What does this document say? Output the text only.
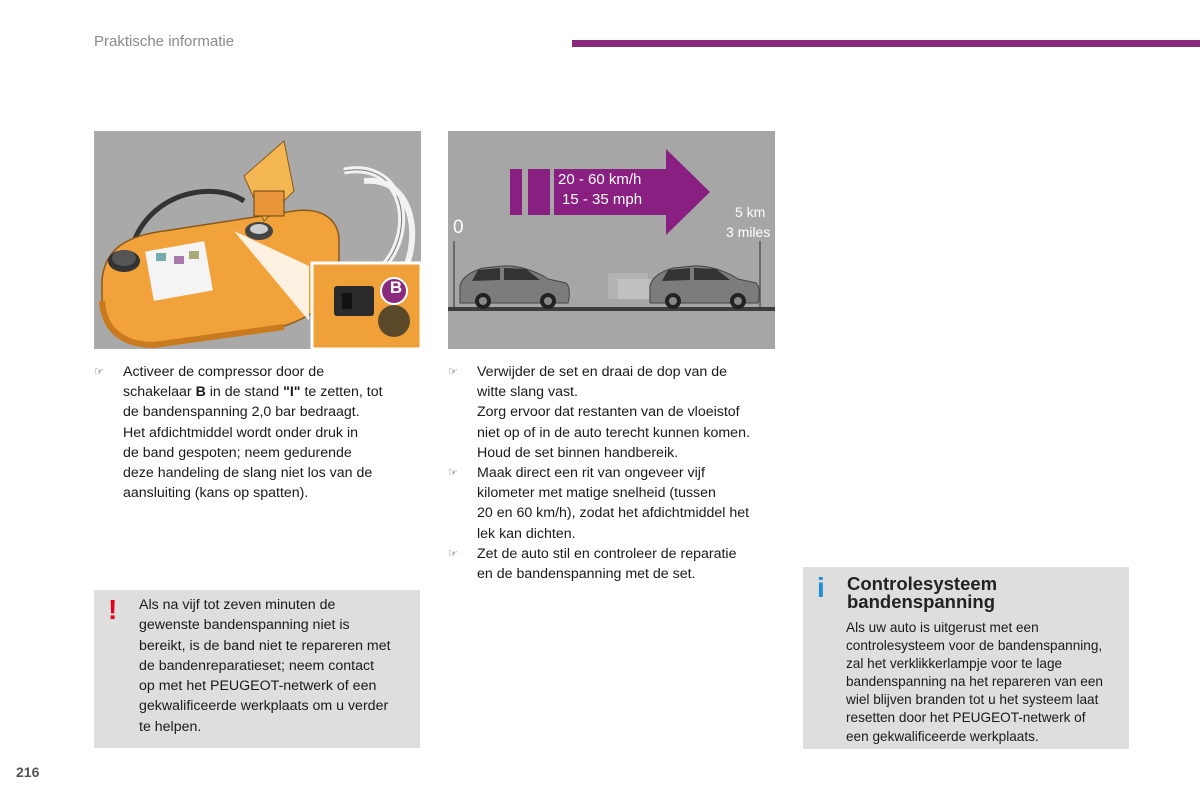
Praktische informatie
B
20 - 60 km/h
15 - 35 mph
0
5 km
3 miles
☞ Activeer de compressor door de
schakelaar B in de stand "I" te zetten, tot
de bandenspanning 2,0 bar bedraagt.
Het afdichtmiddel wordt onder druk in
de band gespoten; neem gedurende
deze handeling de slang niet los van de
aansluiting (kans op spatten).
☞ Verwijder de set en draai de dop van de
witte slang vast.
Zorg ervoor dat restanten van de vloeistof
niet op of in de auto terecht kunnen komen.
Houd de set binnen handbereik.
☞ Maak direct een rit van ongeveer vijf
kilometer met matige snelheid (tussen
20 en 60 km/h), zodat het afdichtmiddel het
lek kan dichten.
☞ Zet de auto stil en controleer de reparatie
en de bandenspanning met de set.
! Als na vijf tot zeven minuten de
gewenste bandenspanning niet is
bereikt, is de band niet te repareren met
de bandenreparatieset; neem contact
op met het PEUGEOT-netwerk of een
gekwalificeerde werkplaats om u verder
te helpen.
i Controlesysteem
bandenspanning
Als uw auto is uitgerust met een
controlesysteem voor de bandenspanning,
zal het verklikkerlampje voor te lage
bandenspanning na het repareren van een
wiel blijven branden tot u het systeem laat
resetten door het PEUGEOT-netwerk of
een gekwalificeerde werkplaats.
216
